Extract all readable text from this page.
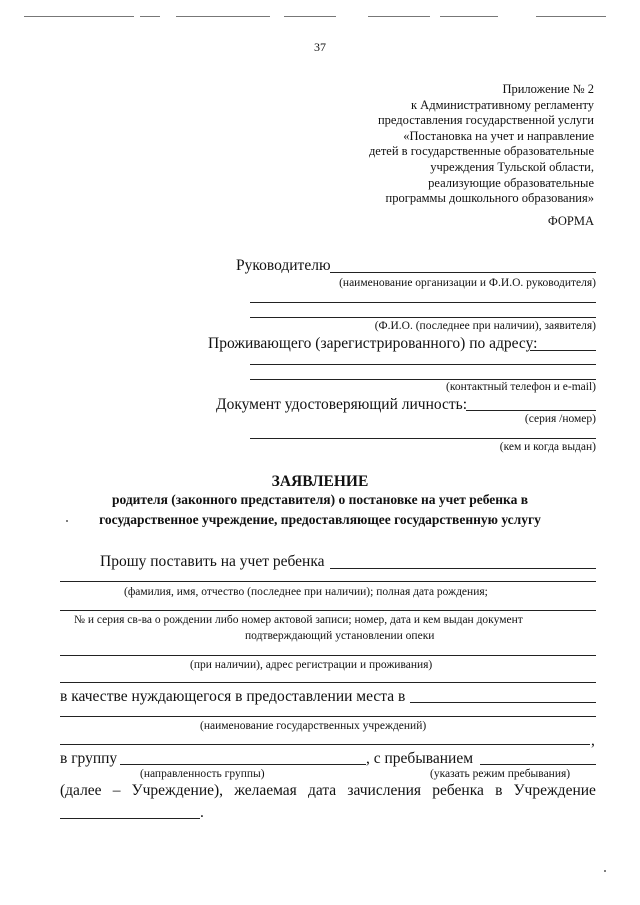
37
Приложение № 2
к Административному регламенту
предоставления государственной услуги
«Постановка на учет и направление
детей в государственные образовательные
учреждения Тульской области,
реализующие образовательные
программы дошкольного образования»
ФОРМА
Руководителю
(наименование организации и Ф.И.О. руководителя)
(Ф.И.О. (последнее при наличии), заявителя)
Проживающего (зарегистрированного) по адресу:
(контактный телефон и e-mail)
Документ удостоверяющий личность:
(серия /номер)
(кем и когда выдан)
ЗАЯВЛЕНИЕ
родителя (законного представителя) о постановке на учет ребенка в
государственное учреждение, предоставляющее государственную услугу
Прошу поставить на учет ребенка
(фамилия, имя, отчество (последнее при наличии); полная дата рождения;
№ и серия св-ва о рождении либо номер актовой записи; номер, дата и кем выдан документ
подтверждающий установлении опеки
(при наличии), адрес регистрации и проживания)
в качестве нуждающегося в предоставлении места в
(наименование государственных учреждений)
,
в группу	, с пребыванием
(направленность группы)	(указать режим пребывания)
(далее – Учреждение), желаемая дата зачисления ребенка в Учреждение
.
